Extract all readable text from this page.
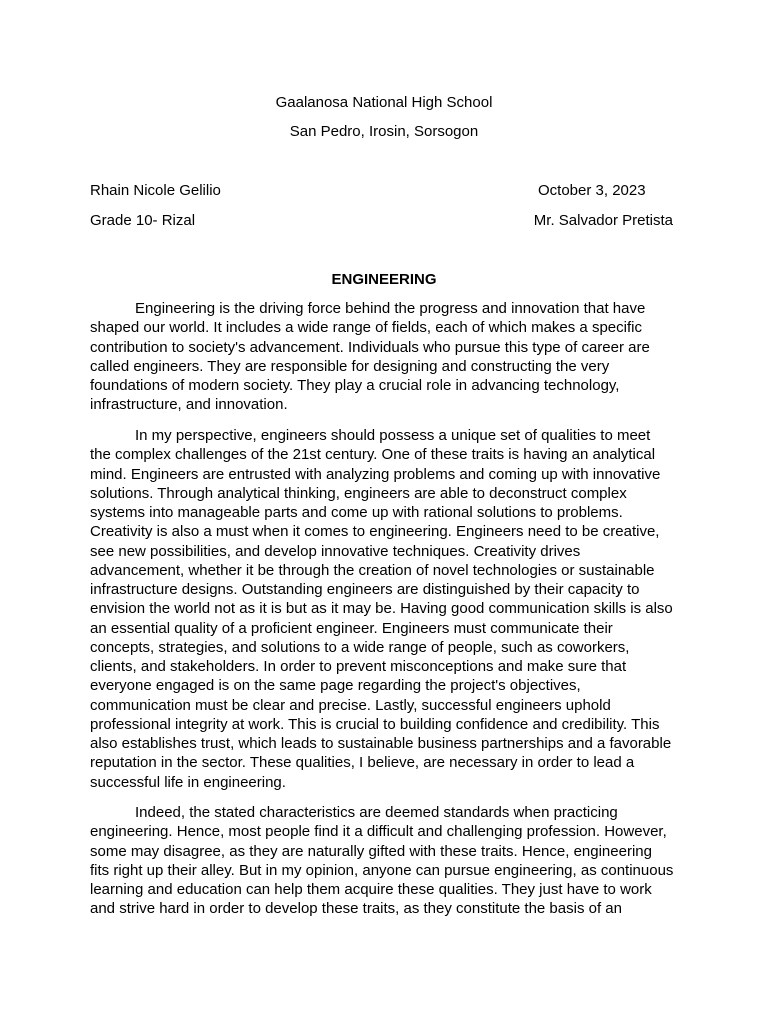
Gaalanosa National High School
San Pedro, Irosin, Sorsogon
Rhain Nicole Gelilio	October 3, 2023
Grade 10- Rizal	Mr. Salvador Pretista
ENGINEERING

Engineering is the driving force behind the progress and innovation that have
shaped our world. It includes a wide range of fields, each of which makes a specific
contribution to society's advancement. Individuals who pursue this type of career are
called engineers. They are responsible for designing and constructing the very
foundations of modern society. They play a crucial role in advancing technology,
infrastructure, and innovation.

In my perspective, engineers should possess a unique set of qualities to meet
the complex challenges of the 21st century. One of these traits is having an analytical
mind. Engineers are entrusted with analyzing problems and coming up with innovative
solutions. Through analytical thinking, engineers are able to deconstruct complex
systems into manageable parts and come up with rational solutions to problems.
Creativity is also a must when it comes to engineering. Engineers need to be creative,
see new possibilities, and develop innovative techniques. Creativity drives
advancement, whether it be through the creation of novel technologies or sustainable
infrastructure designs. Outstanding engineers are distinguished by their capacity to
envision the world not as it is but as it may be. Having good communication skills is also
an essential quality of a proficient engineer. Engineers must communicate their
concepts, strategies, and solutions to a wide range of people, such as coworkers,
clients, and stakeholders. In order to prevent misconceptions and make sure that
everyone engaged is on the same page regarding the project's objectives,
communication must be clear and precise. Lastly, successful engineers uphold
professional integrity at work. This is crucial to building confidence and credibility. This
also establishes trust, which leads to sustainable business partnerships and a favorable
reputation in the sector. These qualities, I believe, are necessary in order to lead a
successful life in engineering.

Indeed, the stated characteristics are deemed standards when practicing
engineering. Hence, most people find it a difficult and challenging profession. However,
some may disagree, as they are naturally gifted with these traits. Hence, engineering
fits right up their alley. But in my opinion, anyone can pursue engineering, as continuous
learning and education can help them acquire these qualities. They just have to work
and strive hard in order to develop these traits, as they constitute the basis of an
